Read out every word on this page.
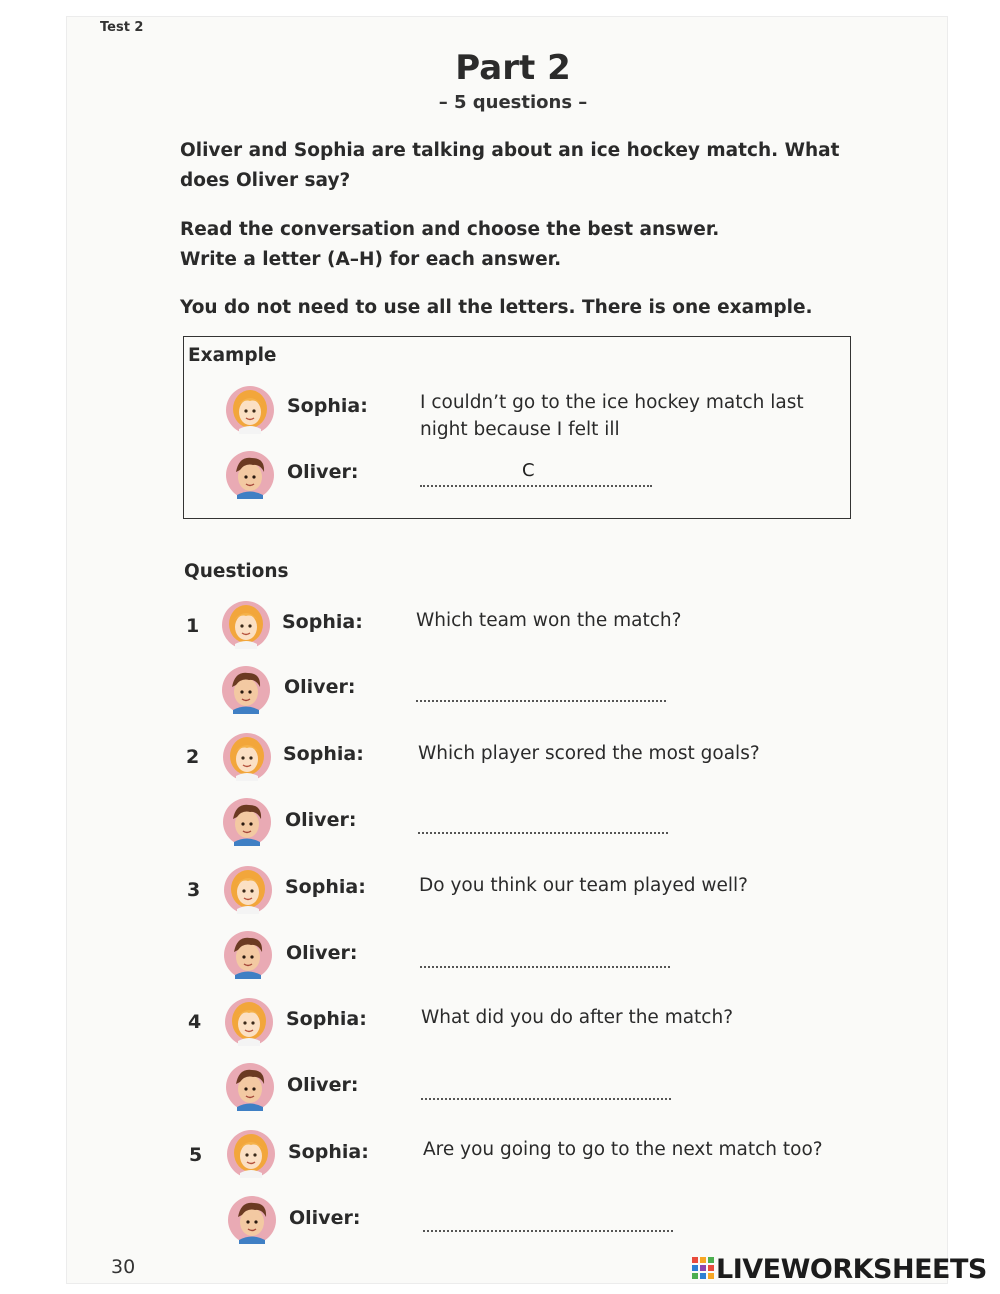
Test 2
Part 2
– 5 questions –
Oliver and Sophia are talking about an ice hockey match. What
does Oliver say?
Read the conversation and choose the best answer.
Write a letter (A–H) for each answer.
You do not need to use all the letters. There is one example.
Example
Sophia:	I couldn’t go to the ice hockey match last
night because I felt ill
Oliver:	C
Questions
1	Sophia:	Which team won the match?
Oliver:
2	Sophia:	Which player scored the most goals?
Oliver:
3	Sophia:	Do you think our team played well?
Oliver:
4	Sophia:	What did you do after the match?
Oliver:
5	Sophia:	Are you going to go to the next match too?
Oliver:
30	LIVEWORKSHEETS
